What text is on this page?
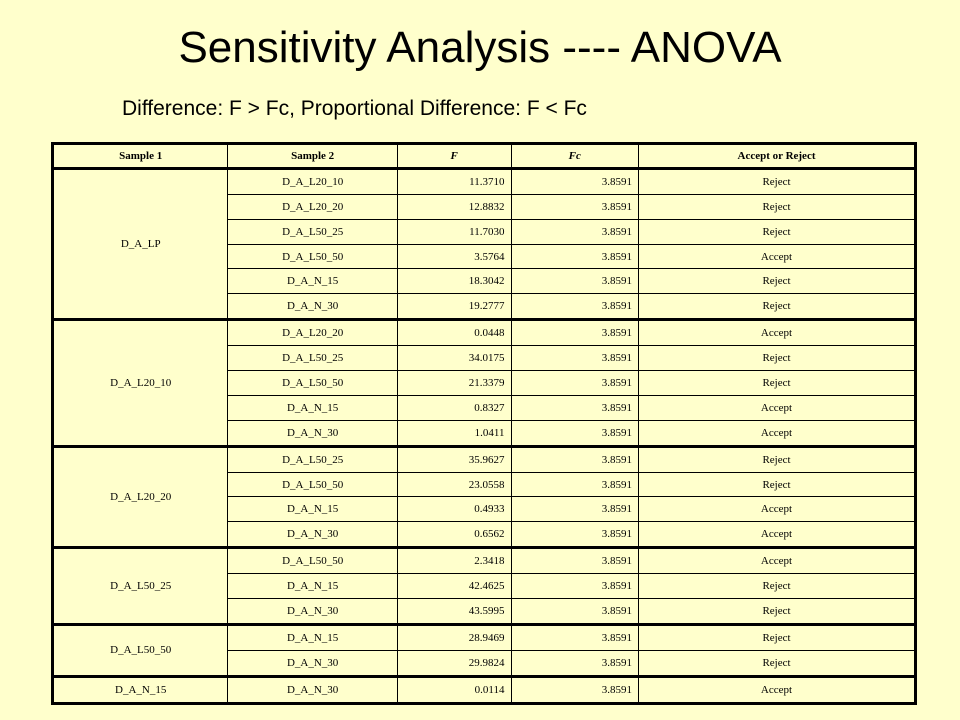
Sensitivity Analysis ---- ANOVA
Difference: F > Fc, Proportional Difference: F < Fc
Sample 1	Sample 2	F	Fc	Accept or Reject
D_A_LP	D_A_L20_10	11.3710	3.8591	Reject
	D_A_L20_20	12.8832	3.8591	Reject
	D_A_L50_25	11.7030	3.8591	Reject
	D_A_L50_50	3.5764	3.8591	Accept
	D_A_N_15	18.3042	3.8591	Reject
	D_A_N_30	19.2777	3.8591	Reject
D_A_L20_10	D_A_L20_20	0.0448	3.8591	Accept
	D_A_L50_25	34.0175	3.8591	Reject
	D_A_L50_50	21.3379	3.8591	Reject
	D_A_N_15	0.8327	3.8591	Accept
	D_A_N_30	1.0411	3.8591	Accept
D_A_L20_20	D_A_L50_25	35.9627	3.8591	Reject
	D_A_L50_50	23.0558	3.8591	Reject
	D_A_N_15	0.4933	3.8591	Accept
	D_A_N_30	0.6562	3.8591	Accept
D_A_L50_25	D_A_L50_50	2.3418	3.8591	Accept
	D_A_N_15	42.4625	3.8591	Reject
	D_A_N_30	43.5995	3.8591	Reject
D_A_L50_50	D_A_N_15	28.9469	3.8591	Reject
	D_A_N_30	29.9824	3.8591	Reject
D_A_N_15	D_A_N_30	0.0114	3.8591	Accept
